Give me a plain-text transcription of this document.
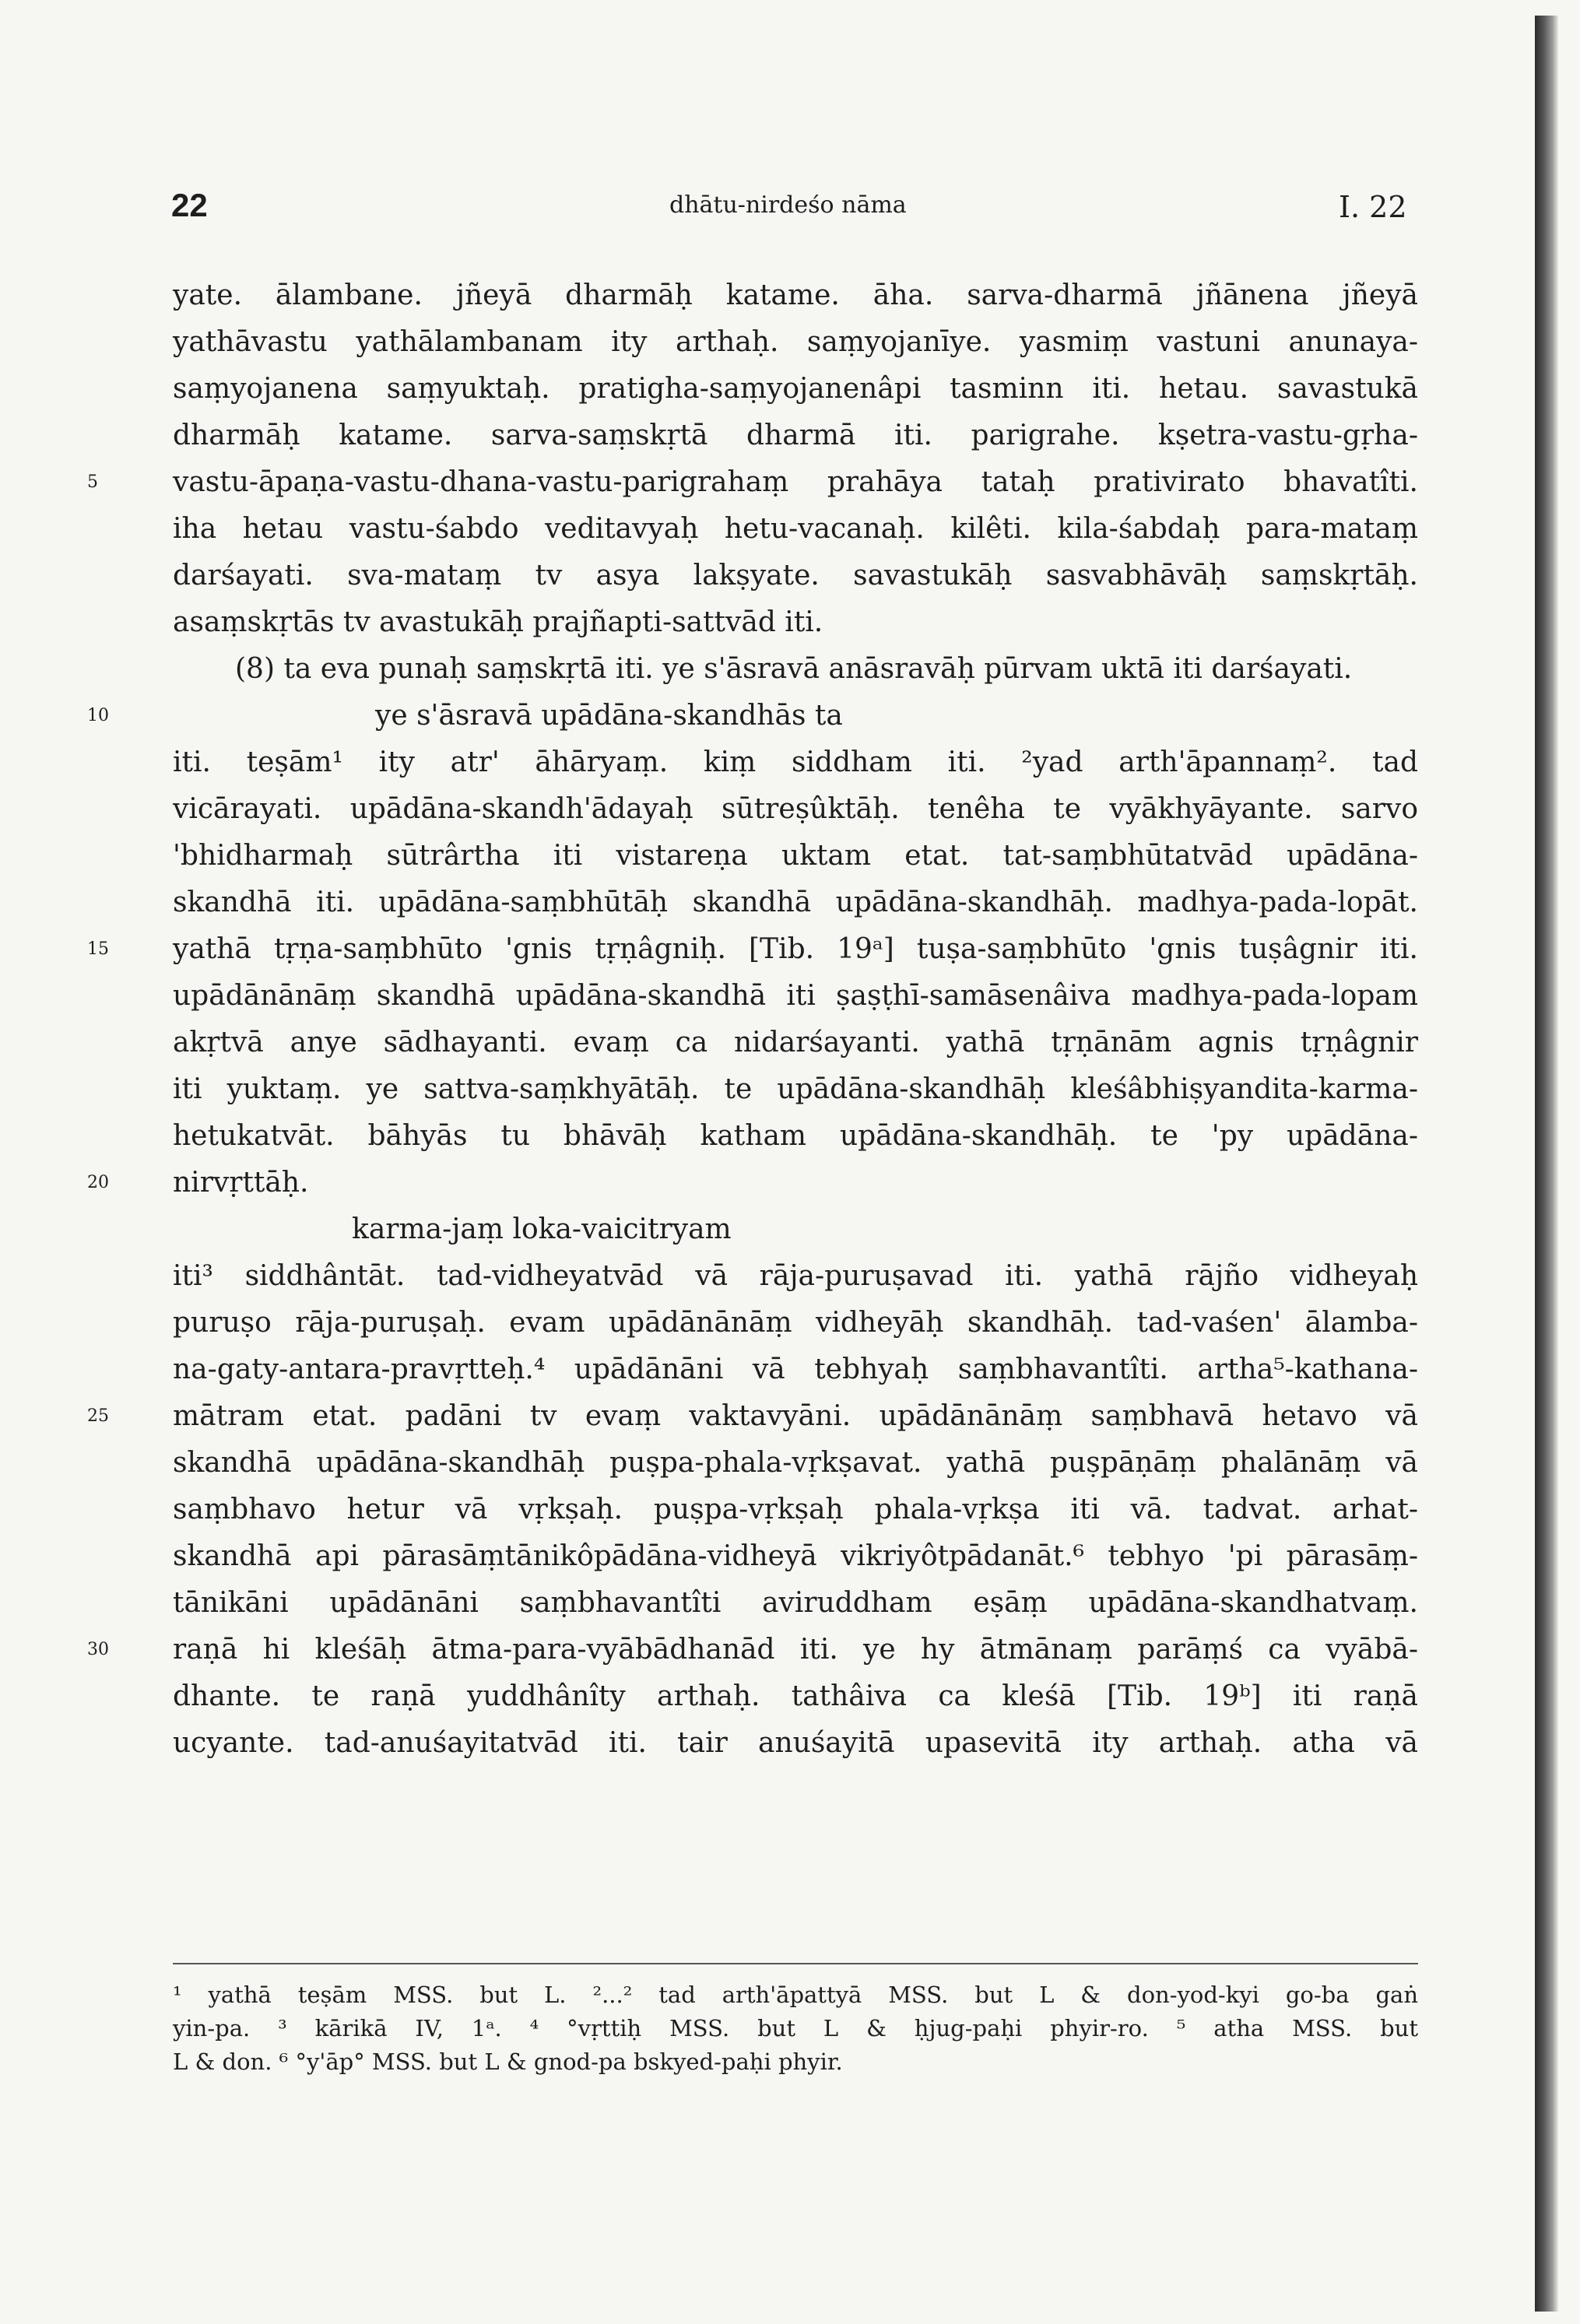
22	dhātu-nirdeśo nāma	I. 22
yate. ālambane. jñeyā dharmāḥ katame. āha. sarva-dharmā jñānena jñeyā
yathāvastu yathālambanam ity arthaḥ. saṃyojanīye. yasmiṃ vastuni anunaya-
saṃyojanena saṃyuktaḥ. pratigha-saṃyojanenâpi tasminn iti. hetau. savastukā
dharmāḥ katame. sarva-saṃskṛtā dharmā iti. parigrahe. kṣetra-vastu-gṛha-
5	vastu-āpaṇa-vastu-dhana-vastu-parigrahaṃ prahāya tataḥ prativirato bhavatîti.
iha hetau vastu-śabdo veditavyaḥ hetu-vacanaḥ. kilêti. kila-śabdaḥ para-mataṃ
darśayati. sva-mataṃ tv asya lakṣyate. savastukāḥ sasvabhāvāḥ saṃskṛtāḥ.
asaṃskṛtās tv avastukāḥ prajñapti-sattvād iti.
(8) ta eva punaḥ saṃskṛtā iti. ye s'āsravā anāsravāḥ pūrvam uktā iti darśayati.
10	ye s'āsravā upādāna-skandhās ta
iti. teṣām¹ ity atr' āhāryaṃ. kiṃ siddham iti. ²yad arth'āpannaṃ². tad
vicārayati. upādāna-skandh'ādayaḥ sūtreṣûktāḥ. tenêha te vyākhyāyante. sarvo
'bhidharmaḥ sūtrârtha iti vistareṇa uktam etat. tat-saṃbhūtatvād upādāna-
skandhā iti. upādāna-saṃbhūtāḥ skandhā upādāna-skandhāḥ. madhya-pada-lopāt.
15	yathā tṛṇa-saṃbhūto 'gnis tṛṇâgniḥ. [Tib. 19ᵃ] tuṣa-saṃbhūto 'gnis tuṣâgnir iti.
upādānānāṃ skandhā upādāna-skandhā iti ṣaṣṭhī-samāsenâiva madhya-pada-lopam
akṛtvā anye sādhayanti. evaṃ ca nidarśayanti. yathā tṛṇānām agnis tṛṇâgnir
iti yuktaṃ. ye sattva-saṃkhyātāḥ. te upādāna-skandhāḥ kleśâbhiṣyandita-karma-
hetukatvāt. bāhyās tu bhāvāḥ katham upādāna-skandhāḥ. te 'py upādāna-
20	nirvṛttāḥ.
karma-jaṃ loka-vaicitryam
iti³ siddhântāt. tad-vidheyatvād vā rāja-puruṣavad iti. yathā rājño vidheyaḥ
puruṣo rāja-puruṣaḥ. evam upādānānāṃ vidheyāḥ skandhāḥ. tad-vaśen' ālamba-
na-gaty-antara-pravṛtteḥ.⁴ upādānāni vā tebhyaḥ saṃbhavantîti. artha⁵-kathana-
25	mātram etat. padāni tv evaṃ vaktavyāni. upādānānāṃ saṃbhavā hetavo vā
skandhā upādāna-skandhāḥ puṣpa-phala-vṛkṣavat. yathā puṣpāṇāṃ phalānāṃ vā
saṃbhavo hetur vā vṛkṣaḥ. puṣpa-vṛkṣaḥ phala-vṛkṣa iti vā. tadvat. arhat-
skandhā api pārasāṃtānikôpādāna-vidheyā vikriyôtpādanāt.⁶ tebhyo 'pi pārasāṃ-
tānikāni upādānāni saṃbhavantîti aviruddham eṣāṃ upādāna-skandhatvaṃ.
30	raṇā hi kleśāḥ ātma-para-vyābādhanād iti. ye hy ātmānaṃ parāṃś ca vyābā-
dhante. te raṇā yuddhânîty arthaḥ. tathâiva ca kleśā [Tib. 19ᵇ] iti raṇā
ucyante. tad-anuśayitatvād iti. tair anuśayitā upasevitā ity arthaḥ. atha vā
¹ yathā teṣām MSS. but L. ²...² tad arth'āpattyā MSS. but L & don-yod-kyi go-ba gaṅ
yin-pa. ³ kārikā IV, 1ᵃ. ⁴ °vṛttiḥ MSS. but L & ḥjug-paḥi phyir-ro. ⁵ atha MSS. but
L & don. ⁶ °y'āp° MSS. but L & gnod-pa bskyed-paḥi phyir.
